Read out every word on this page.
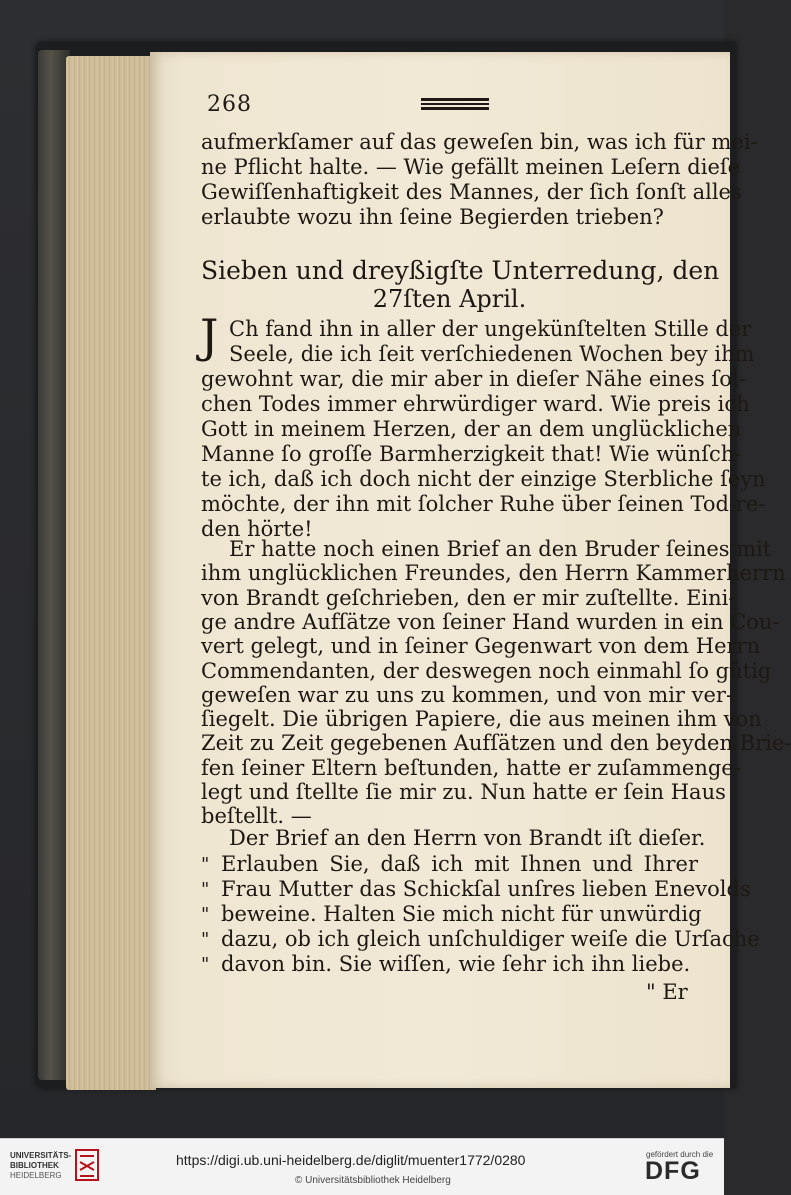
268
aufmerkſamer auf das geweſen bin, was ich für mei-
ne Pflicht halte. — Wie gefällt meinen Leſern dieſe
Gewiſſenhaftigkeit des Mannes, der ſich ſonſt alles
erlaubte wozu ihn ſeine Begierden trieben?
Sieben und dreyßigſte Unterredung, den
27ſten April.
J Ch fand ihn in aller der ungekünſtelten Stille der
Seele, die ich ſeit verſchiedenen Wochen bey ihm
gewohnt war, die mir aber in dieſer Nähe eines ſol-
chen Todes immer ehrwürdiger ward. Wie preis ich
Gott in meinem Herzen, der an dem unglücklichen
Manne ſo groſſe Barmherzigkeit that! Wie wünſch-
te ich, daß ich doch nicht der einzige Sterbliche ſeyn
möchte, der ihn mit ſolcher Ruhe über ſeinen Tod re-
den hörte!
Er hatte noch einen Brief an den Bruder ſeines mit
ihm unglücklichen Freundes, den Herrn Kammerherrn
von Brandt geſchrieben, den er mir zuſtellte. Eini-
ge andre Aufſätze von ſeiner Hand wurden in ein Cou-
vert gelegt, und in ſeiner Gegenwart von dem Herrn
Commendanten, der deswegen noch einmahl ſo gütig
geweſen war zu uns zu kommen, und von mir ver-
ſiegelt. Die übrigen Papiere, die aus meinen ihm von
Zeit zu Zeit gegebenen Aufſätzen und den beyden Brie-
fen ſeiner Eltern beſtunden, hatte er zuſammenge-
legt und ſtellte ſie mir zu. Nun hatte er ſein Haus
beſtellt. —
Der Brief an den Herrn von Brandt iſt dieſer.
Erlauben Sie, daß ich mit Ihnen und Ihrer
"
Frau Mutter das Schickſal unſres lieben Enevolds
"
beweine. Halten Sie mich nicht für unwürdig
"
dazu, ob ich gleich unſchuldiger weiſe die Urſache
"
davon bin. Sie wiſſen, wie ſehr ich ihn liebe.
"
" Er
UNIVERSITÄTS-
BIBLIOTHEK
HEIDELBERG
https://digi.ub.uni-heidelberg.de/diglit/muenter1772/0280
© Universitätsbibliothek Heidelberg
gefördert durch die
DFG
